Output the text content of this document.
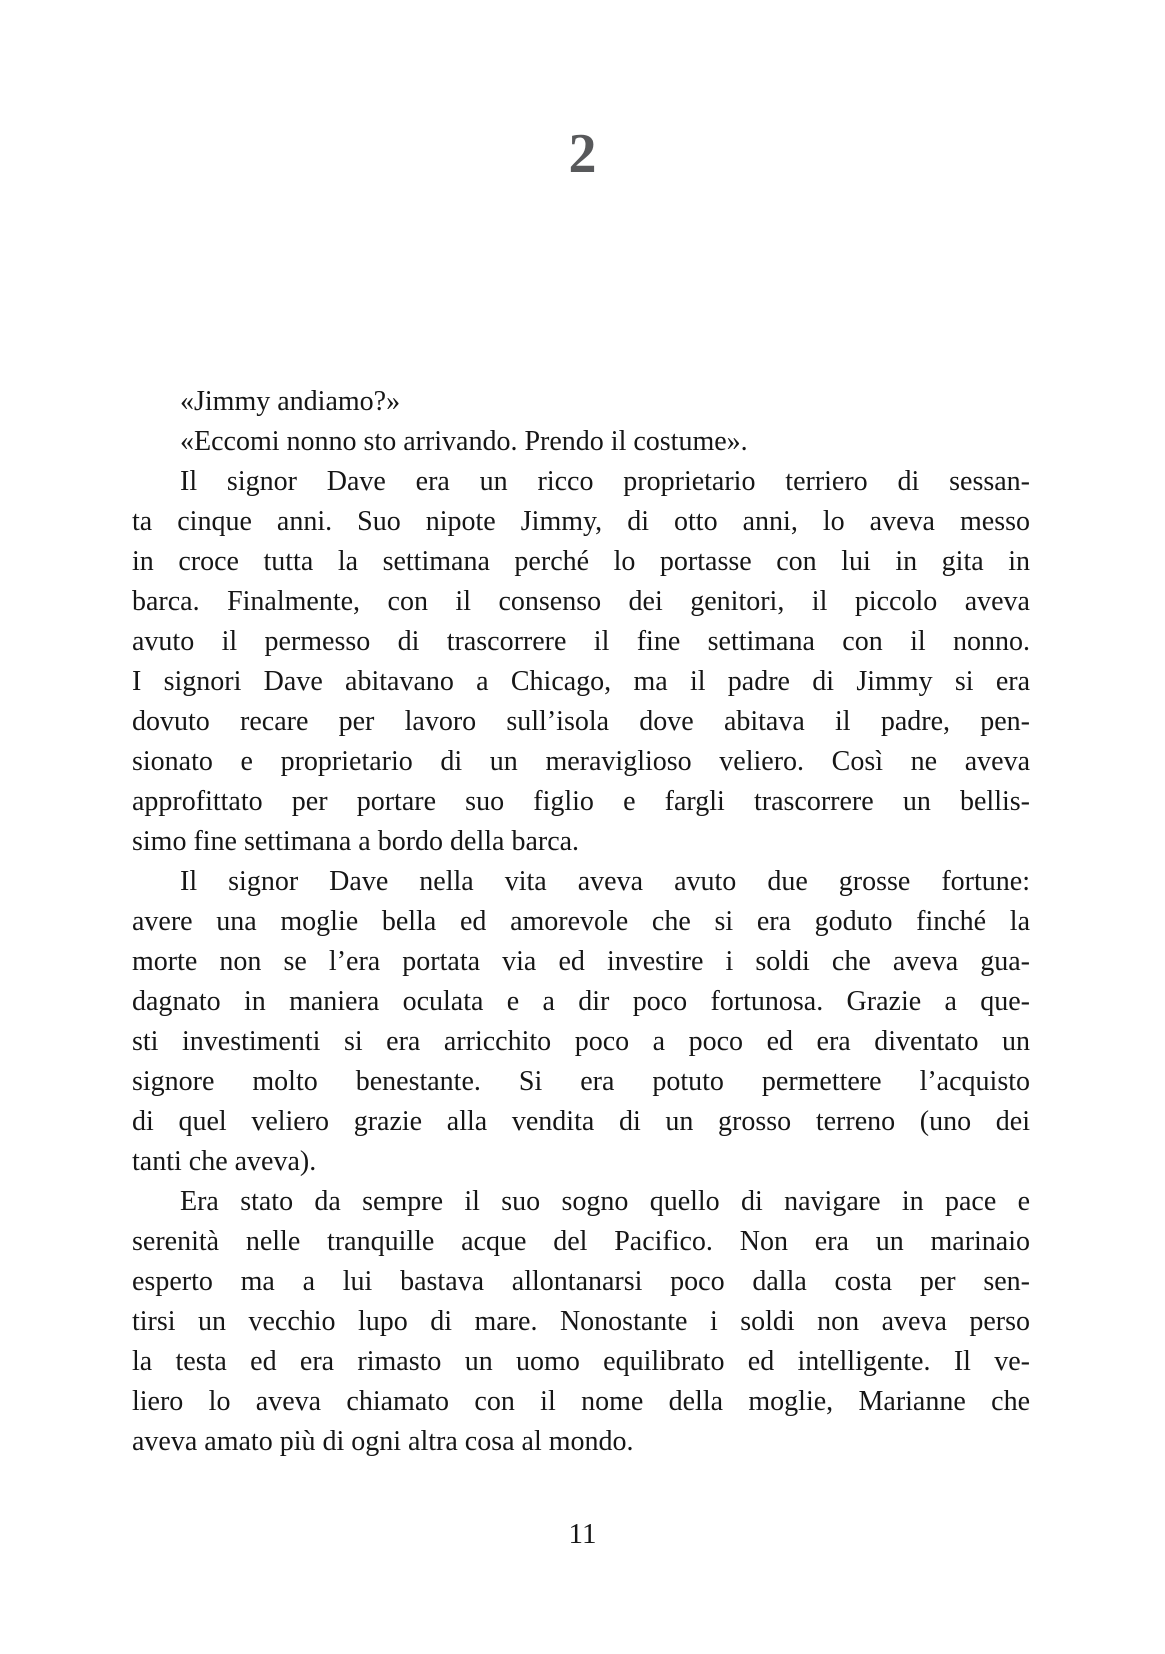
2
«Jimmy andiamo?»
«Eccomi nonno sto arrivando. Prendo il costume».
Il signor Dave era un ricco proprietario terriero di sessan-
ta cinque anni. Suo nipote Jimmy, di otto anni, lo aveva messo
in croce tutta la settimana perché lo portasse con lui in gita in
barca. Finalmente, con il consenso dei genitori, il piccolo aveva
avuto il permesso di trascorrere il fine settimana con il nonno.
I signori Dave abitavano a Chicago, ma il padre di Jimmy si era
dovuto recare per lavoro sull’isola dove abitava il padre, pen-
sionato e proprietario di un meraviglioso veliero. Così ne aveva
approfittato per portare suo figlio e fargli trascorrere un bellis-
simo fine settimana a bordo della barca.
Il signor Dave nella vita aveva avuto due grosse fortune:
avere una moglie bella ed amorevole che si era goduto finché la
morte non se l’era portata via ed investire i soldi che aveva gua-
dagnato in maniera oculata e a dir poco fortunosa. Grazie a que-
sti investimenti si era arricchito poco a poco ed era diventato un
signore molto benestante. Si era potuto permettere l’acquisto
di quel veliero grazie alla vendita di un grosso terreno (uno dei
tanti che aveva).
Era stato da sempre il suo sogno quello di navigare in pace e
serenità nelle tranquille acque del Pacifico. Non era un marinaio
esperto ma a lui bastava allontanarsi poco dalla costa per sen-
tirsi un vecchio lupo di mare. Nonostante i soldi non aveva perso
la testa ed era rimasto un uomo equilibrato ed intelligente. Il ve-
liero lo aveva chiamato con il nome della moglie, Marianne che
aveva amato più di ogni altra cosa al mondo.
11
